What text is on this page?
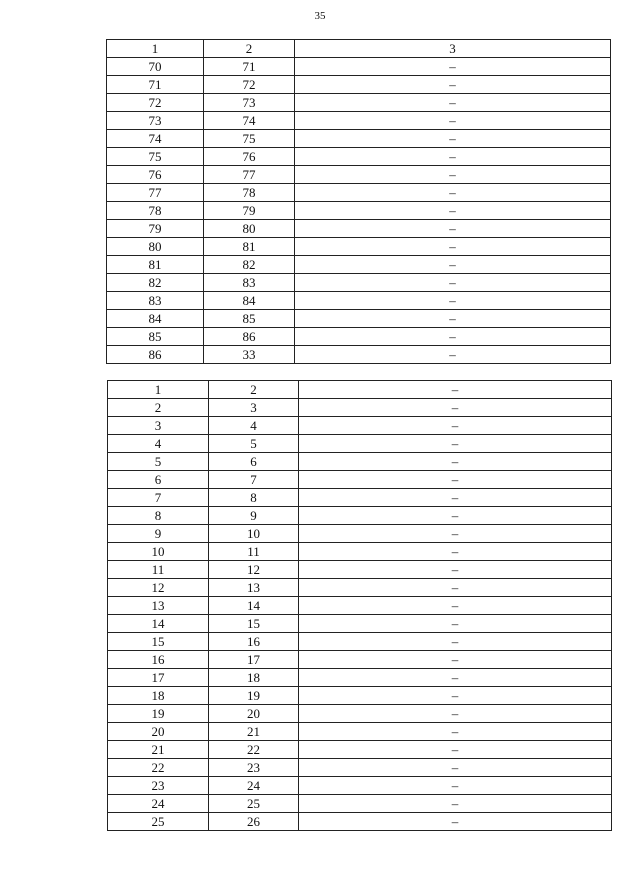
35
1	2	3
70	71	–
71	72	–
72	73	–
73	74	–
74	75	–
75	76	–
76	77	–
77	78	–
78	79	–
79	80	–
80	81	–
81	82	–
82	83	–
83	84	–
84	85	–
85	86	–
86	33	–
1	2	–
2	3	–
3	4	–
4	5	–
5	6	–
6	7	–
7	8	–
8	9	–
9	10	–
10	11	–
11	12	–
12	13	–
13	14	–
14	15	–
15	16	–
16	17	–
17	18	–
18	19	–
19	20	–
20	21	–
21	22	–
22	23	–
23	24	–
24	25	–
25	26	–
